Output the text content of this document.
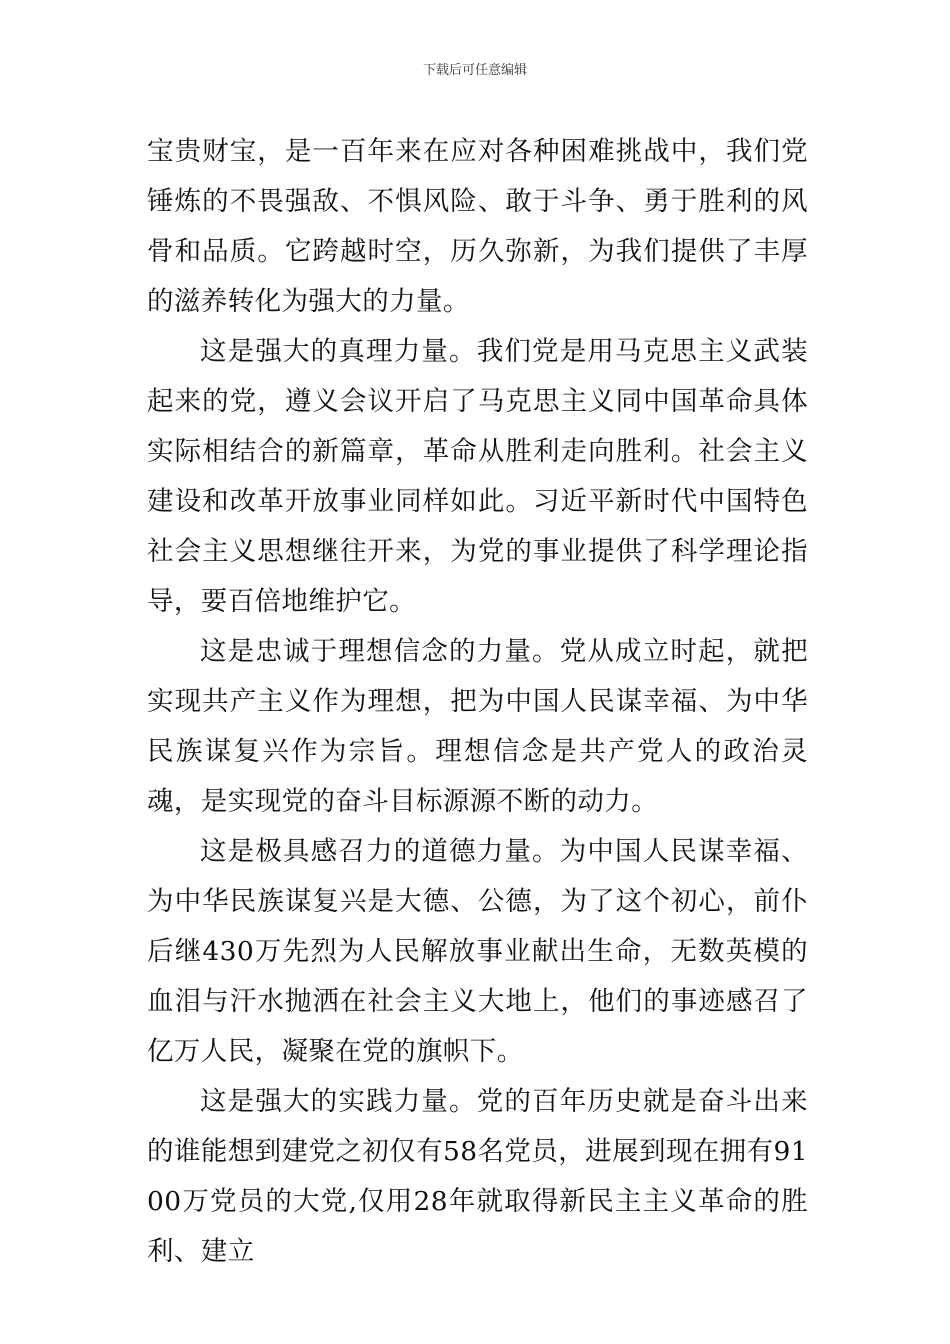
下载后可任意编辑

宝贵财宝，是一百年来在应对各种困难挑战中，我们党锤炼的不畏强敌、不惧风险、敢于斗争、勇于胜利的风骨和品质。它跨越时空，历久弥新，为我们提供了丰厚的滋养转化为强大的力量。

这是强大的真理力量。我们党是用马克思主义武装起来的党，遵义会议开启了马克思主义同中国革命具体实际相结合的新篇章，革命从胜利走向胜利。社会主义建设和改革开放事业同样如此。习近平新时代中国特色社会主义思想继往开来，为党的事业提供了科学理论指导，要百倍地维护它。

这是忠诚于理想信念的力量。党从成立时起，就把实现共产主义作为理想，把为中国人民谋幸福、为中华民族谋复兴作为宗旨。理想信念是共产党人的政治灵魂，是实现党的奋斗目标源源不断的动力。

这是极具感召力的道德力量。为中国人民谋幸福、为中华民族谋复兴是大德、公德，为了这个初心，前仆后继430万先烈为人民解放事业献出生命，无数英模的血泪与汗水抛洒在社会主义大地上，他们的事迹感召了亿万人民，凝聚在党的旗帜下。

这是强大的实践力量。党的百年历史就是奋斗出来的谁能想到建党之初仅有58名党员，进展到现在拥有9100万党员的大党,仅用28年就取得新民主主义革命的胜利、建立
